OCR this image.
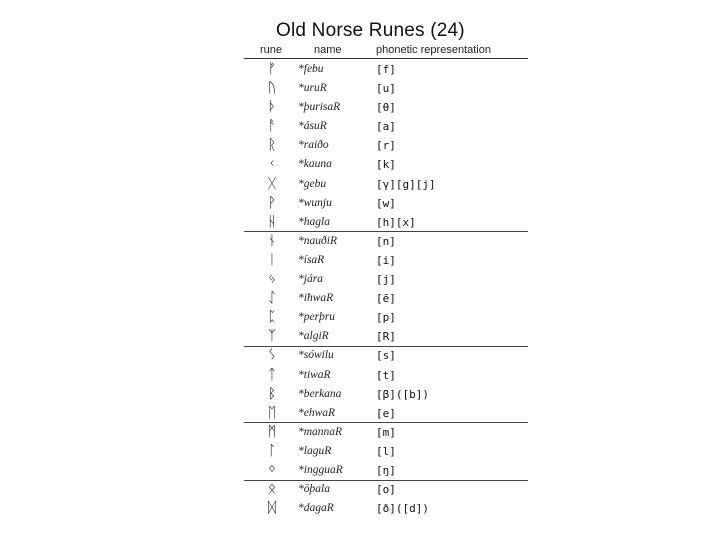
Old Norse Runes (24)
rune	name	phonetic representation
ᚠ	*febu	[f]
ᚢ	*uruR	[u]
ᚦ	*þurisaR	[θ]
ᚨ	*ásuR	[a]
ᚱ	*raiðo	[r]
ᚲ	*kauna	[k]
ᚷ	*gebu	[γ][g][j]
ᚹ	*wunju	[w]
ᚺ	*hagla	[h][x]
ᚾ	*nauðiR	[n]
ᛁ	*ísaR	[i]
ᛃ	*jára	[j]
ᛇ	*iħwaR	[ē]
ᛈ	*perþru	[p]
ᛉ	*algiR	[R]
ᛊ	*sówilu	[s]
ᛏ	*tiwaR	[t]
ᛒ	*berkana	[β]([b])
ᛖ	*ehwaR	[e]
ᛗ	*mannaR	[m]
ᛚ	*laguR	[l]
ᛜ	*ingguaR	[ŋ]
ᛟ	*ōþala	[o]
ᛞ	*dagaR	[ð]([d])
